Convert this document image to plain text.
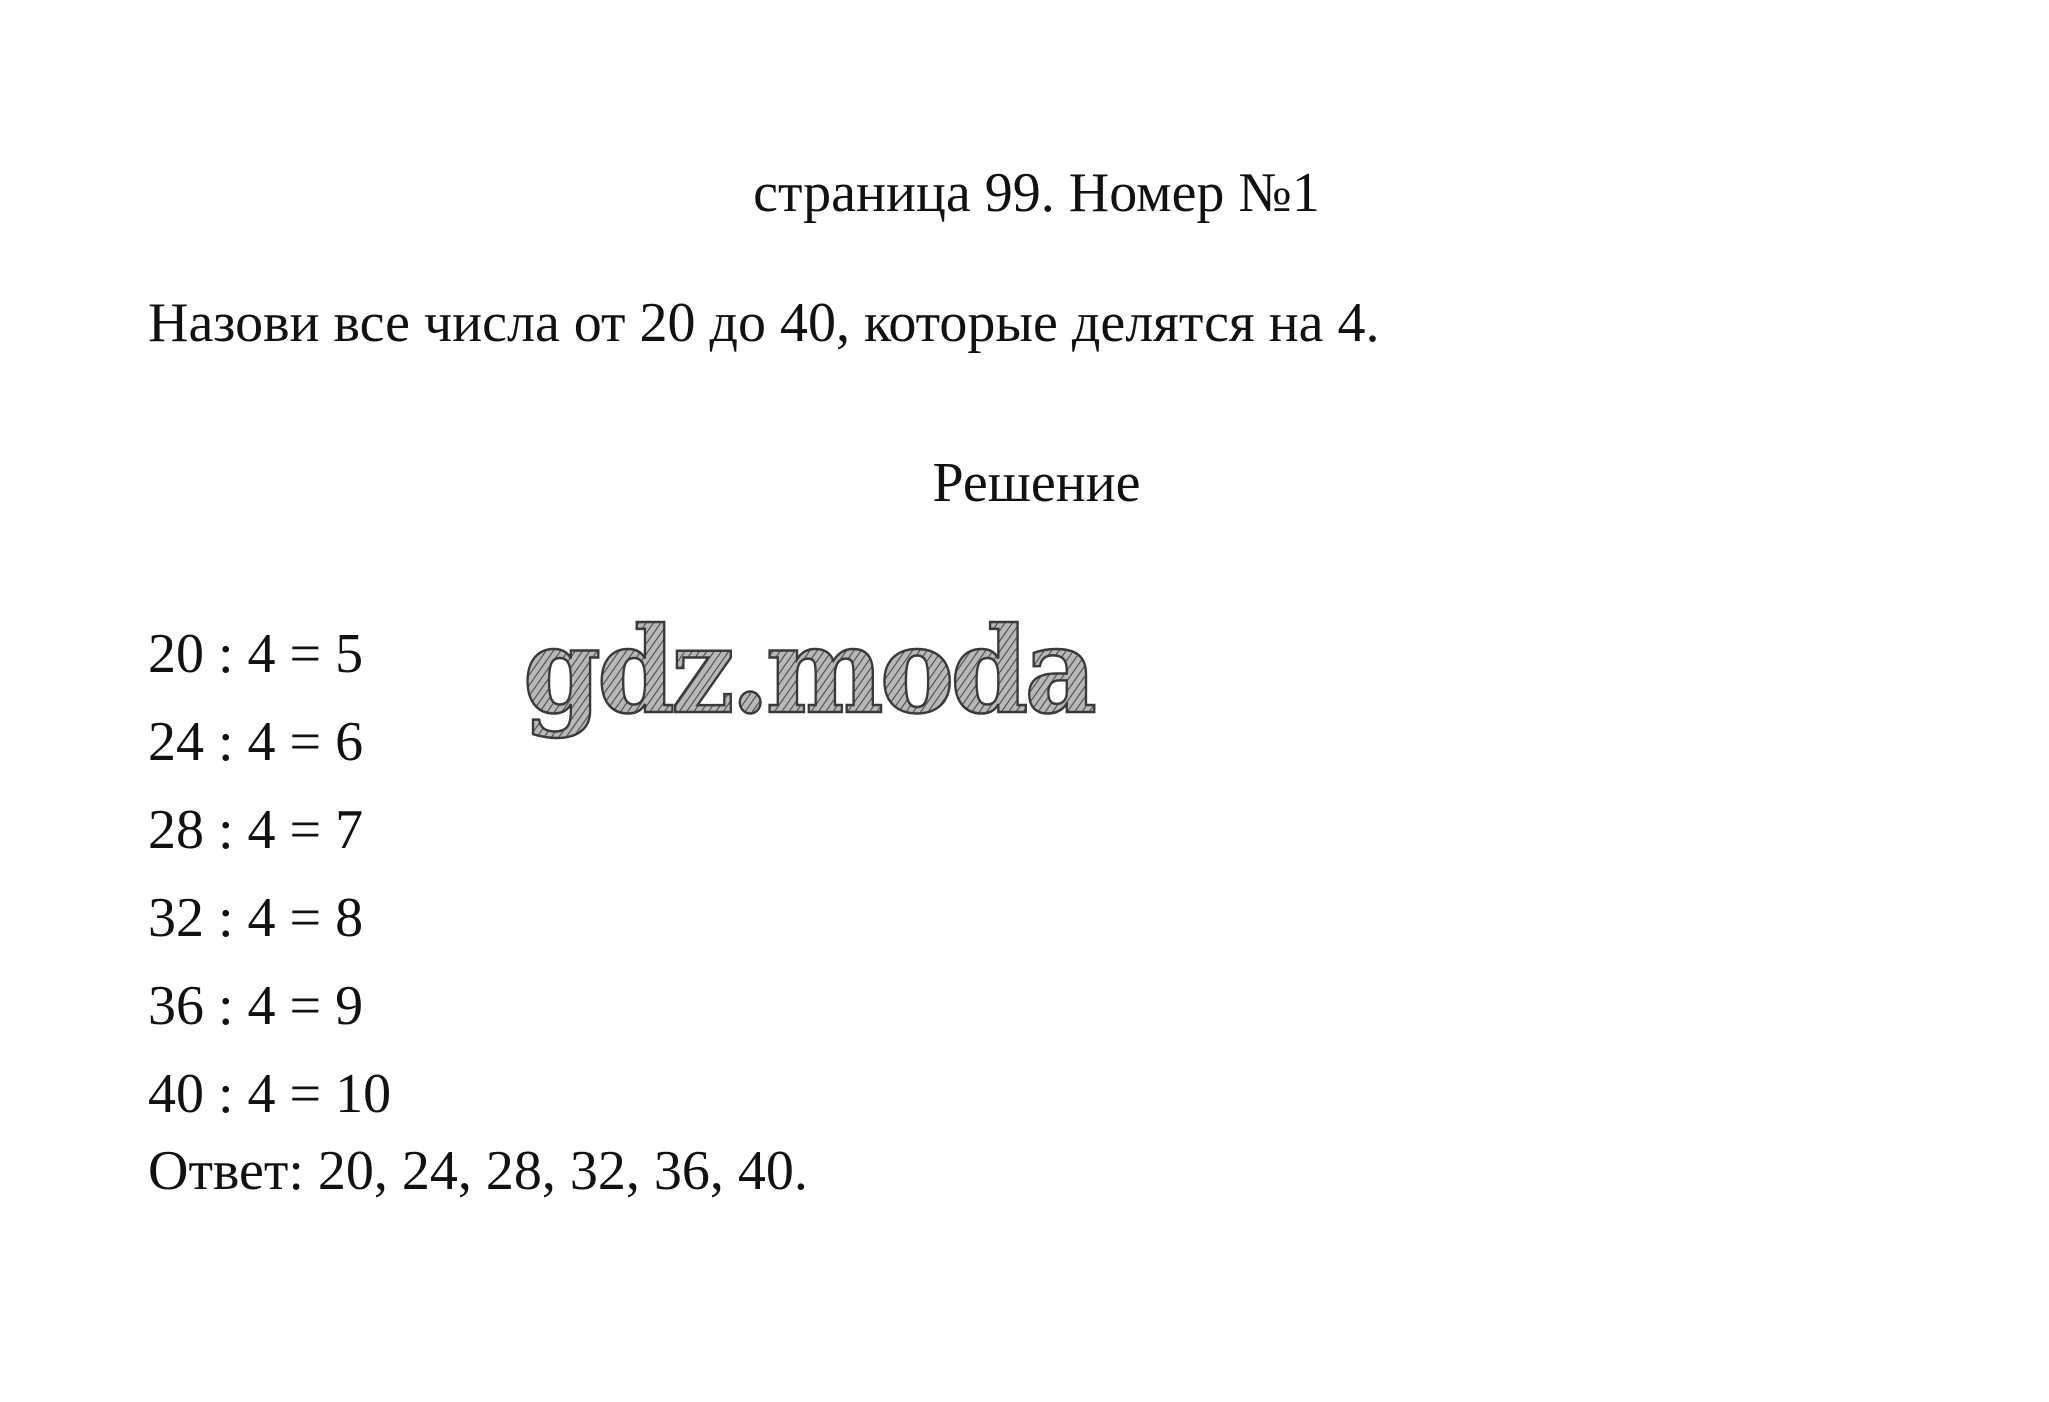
страница 99. Номер №1
Назови все числа от 20 до 40, которые делятся на 4.
Решение
20 : 4 = 5
24 : 4 = 6
28 : 4 = 7
32 : 4 = 8
36 : 4 = 9
40 : 4 = 10
Ответ: 20, 24, 28, 32, 36, 40.
gdz.moda
